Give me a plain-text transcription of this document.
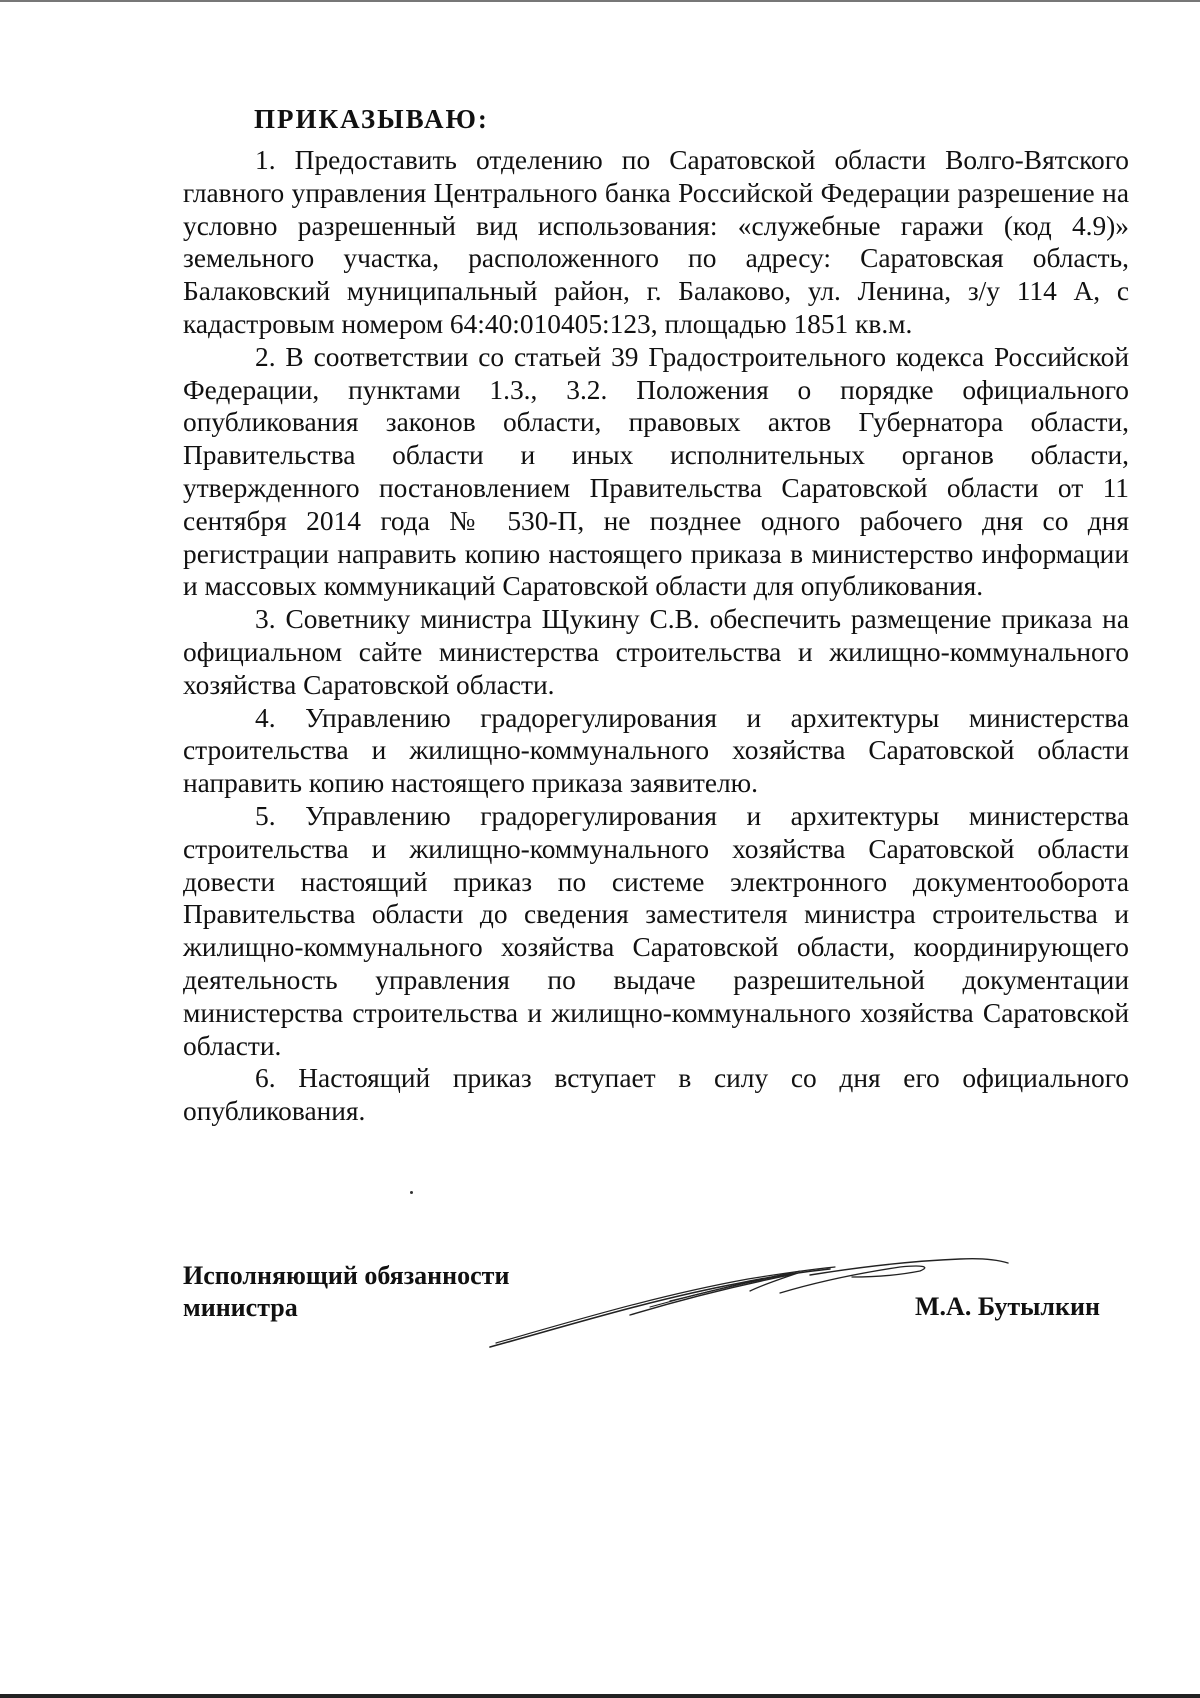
ПРИКАЗЫВАЮ:

1. Предоставить отделению по Саратовской области Волго-Вятского главного управления Центрального банка Российской Федерации разрешение на условно разрешенный вид использования: «служебные гаражи (код 4.9)» земельного участка, расположенного по адресу: Саратовская область, Балаковский муниципальный район, г. Балаково, ул. Ленина, з/у 114 А, с кадастровым номером 64:40:010405:123, площадью 1851 кв.м.

2. В соответствии со статьей 39 Градостроительного кодекса Российской Федерации, пунктами 1.3., 3.2. Положения о порядке официального опубликования законов области, правовых актов Губернатора области, Правительства области и иных исполнительных органов области, утвержденного постановлением Правительства Саратовской области от 11 сентября 2014 года № 530-П, не позднее одного рабочего дня со дня регистрации направить копию настоящего приказа в министерство информации и массовых коммуникаций Саратовской области для опубликования.

3. Советнику министра Щукину С.В. обеспечить размещение приказа на официальном сайте министерства строительства и жилищно-коммунального хозяйства Саратовской области.

4. Управлению градорегулирования и архитектуры министерства строительства и жилищно-коммунального хозяйства Саратовской области направить копию настоящего приказа заявителю.

5. Управлению градорегулирования и архитектуры министерства строительства и жилищно-коммунального хозяйства Саратовской области довести настоящий приказ по системе электронного документооборота Правительства области до сведения заместителя министра строительства и жилищно-коммунального хозяйства Саратовской области, координирующего деятельность управления по выдаче разрешительной документации министерства строительства и жилищно-коммунального хозяйства Саратовской области.

6. Настоящий приказ вступает в силу со дня его официального опубликования.

Исполняющий обязанности
министра	М.А. Бутылкин
